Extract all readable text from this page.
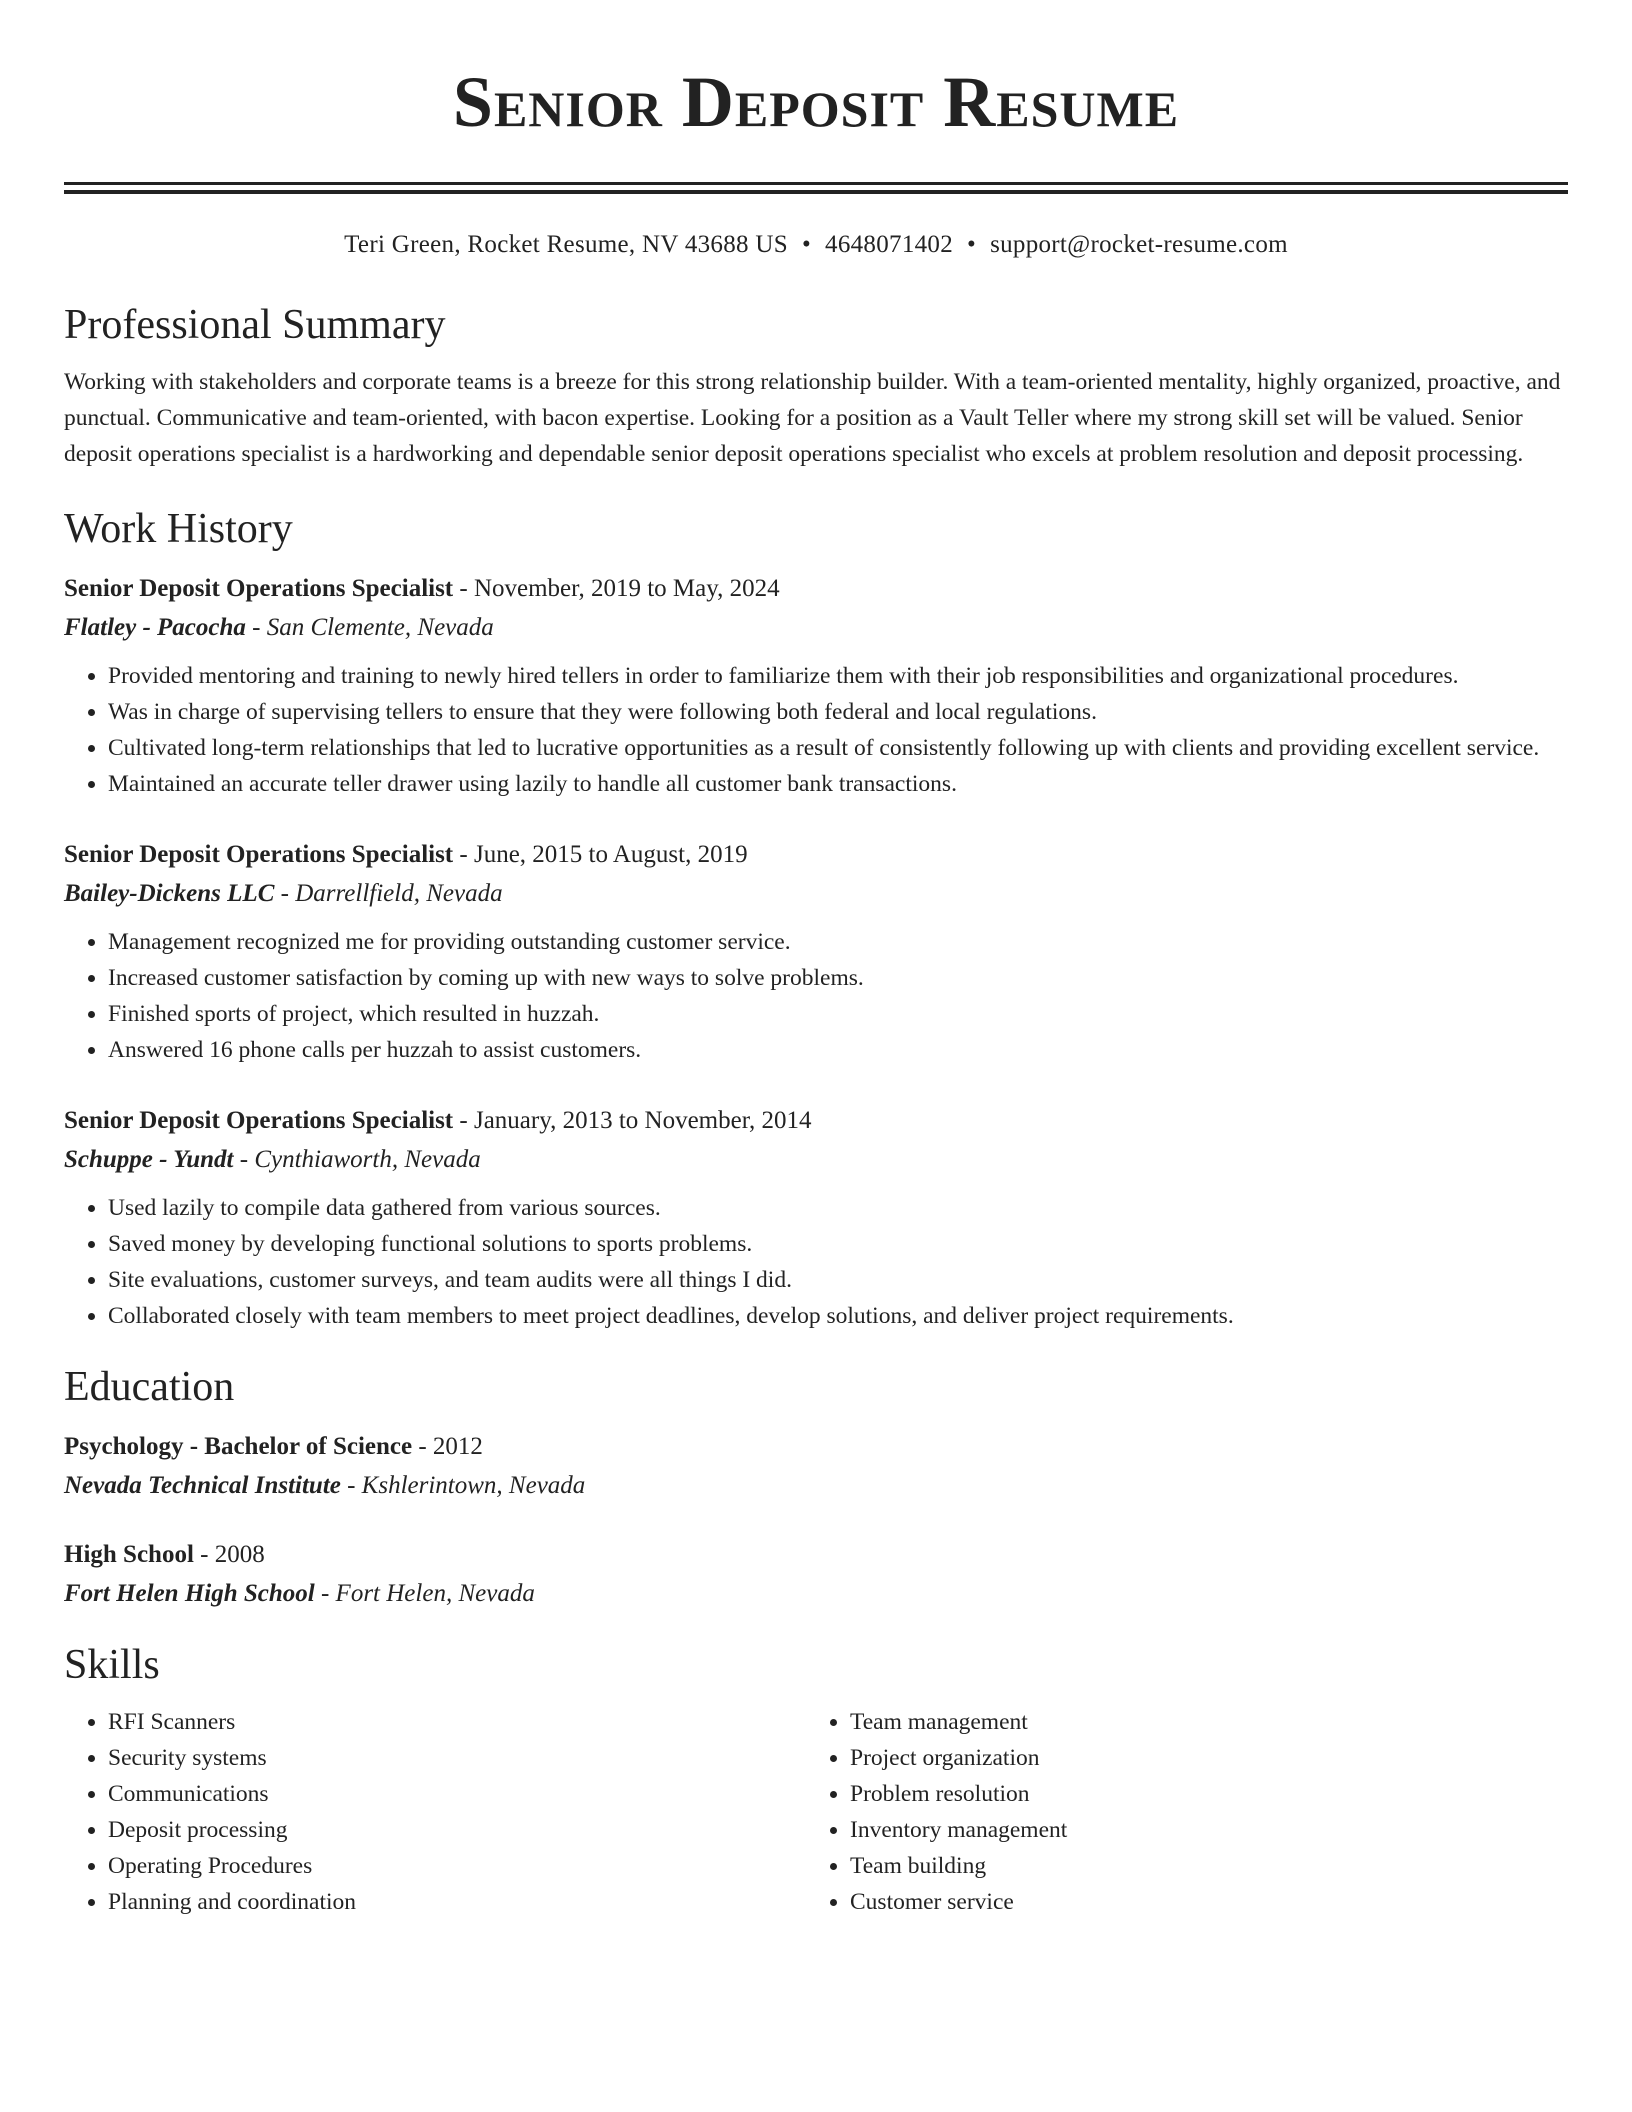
Senior Deposit Resume
Teri Green, Rocket Resume, NV 43688 US • 4648071402 • support@rocket-resume.com
Professional Summary

Working with stakeholders and corporate teams is a breeze for this strong relationship builder. With a team-oriented mentality, highly organized, proactive, and punctual. Communicative and team-oriented, with bacon expertise. Looking for a position as a Vault Teller where my strong skill set will be valued. Senior deposit operations specialist is a hardworking and dependable senior deposit operations specialist who excels at problem resolution and deposit processing.

Work History
Senior Deposit Operations Specialist - November, 2019 to May, 2024
Flatley - Pacocha - San Clemente, Nevada
• Provided mentoring and training to newly hired tellers in order to familiarize them with their job responsibilities and organizational procedures.
• Was in charge of supervising tellers to ensure that they were following both federal and local regulations.
• Cultivated long-term relationships that led to lucrative opportunities as a result of consistently following up with clients and providing excellent service.
• Maintained an accurate teller drawer using lazily to handle all customer bank transactions.
Senior Deposit Operations Specialist - June, 2015 to August, 2019
Bailey-Dickens LLC - Darrellfield, Nevada
• Management recognized me for providing outstanding customer service.
• Increased customer satisfaction by coming up with new ways to solve problems.
• Finished sports of project, which resulted in huzzah.
• Answered 16 phone calls per huzzah to assist customers.
Senior Deposit Operations Specialist - January, 2013 to November, 2014
Schuppe - Yundt - Cynthiaworth, Nevada
• Used lazily to compile data gathered from various sources.
• Saved money by developing functional solutions to sports problems.
• Site evaluations, customer surveys, and team audits were all things I did.
• Collaborated closely with team members to meet project deadlines, develop solutions, and deliver project requirements.
Education
Psychology - Bachelor of Science - 2012
Nevada Technical Institute - Kshlerintown, Nevada
High School - 2008
Fort Helen High School - Fort Helen, Nevada
Skills
• RFI Scanners
• Security systems
• Communications
• Deposit processing
• Operating Procedures
• Planning and coordination
• Team management
• Project organization
• Problem resolution
• Inventory management
• Team building
• Customer service
